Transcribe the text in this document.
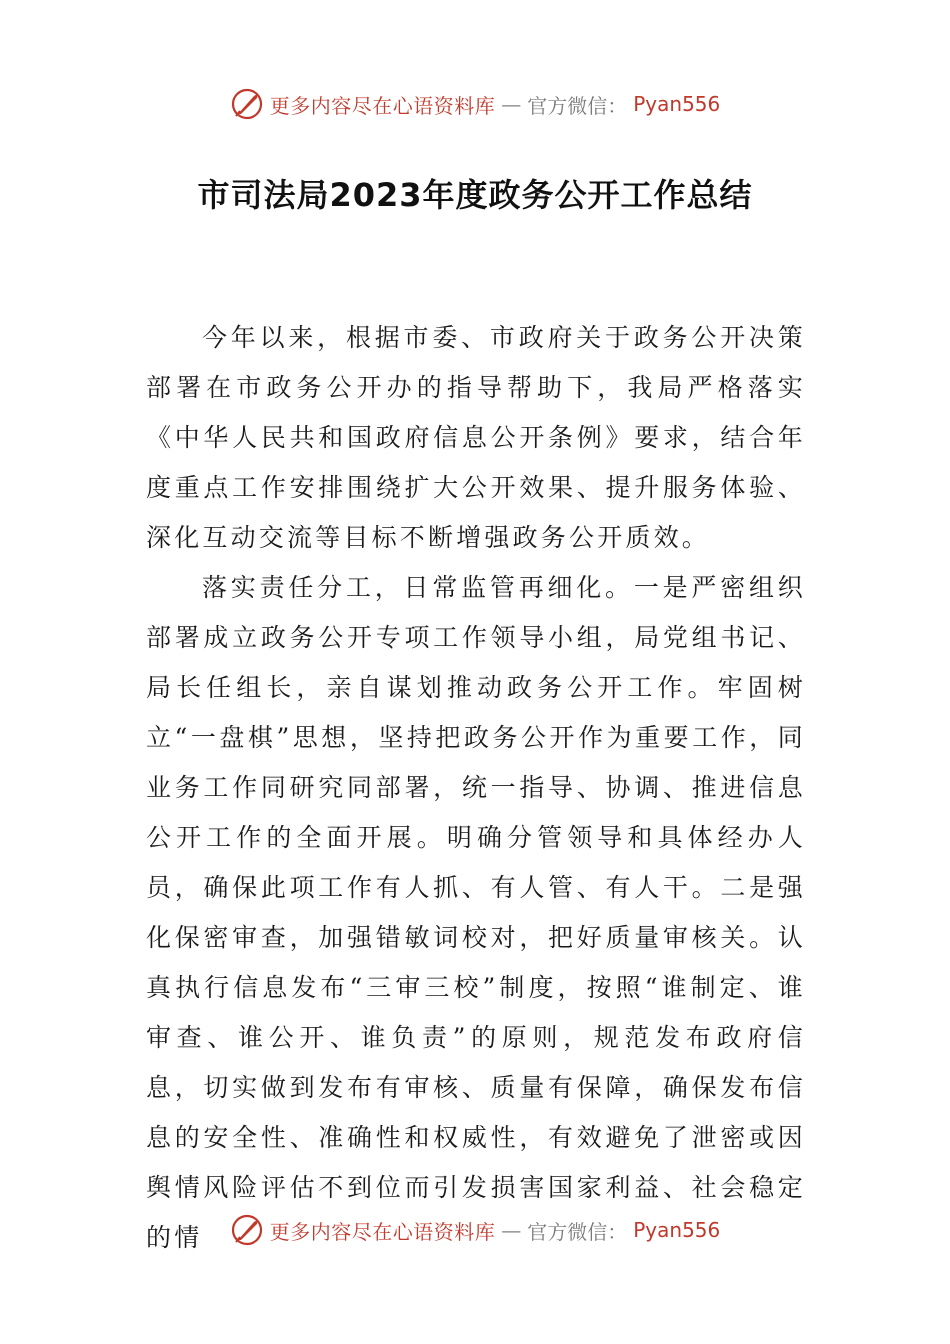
更多内容尽在心语资料库 — 官方微信： Pyan556
市司法局2023年度政务公开工作总结

今年以来，根据市委、市政府关于政务公开决策部署在市政务公开办的指导帮助下，我局严格落实《中华人民共和国政府信息公开条例》要求，结合年度重点工作安排围绕扩大公开效果、提升服务体验、深化互动交流等目标不断增强政务公开质效。

落实责任分工，日常监管再细化。一是严密组织部署成立政务公开专项工作领导小组，局党组书记、局长任组长，亲自谋划推动政务公开工作。牢固树立“一盘棋”思想，坚持把政务公开作为重要工作，同业务工作同研究同部署，统一指导、协调、推进信息公开工作的全面开展。明确分管领导和具体经办人员，确保此项工作有人抓、有人管、有人干。二是强化保密审查，加强错敏词校对，把好质量审核关。认真执行信息发布“三审三校”制度，按照“谁制定、谁审查、谁公开、谁负责”的原则，规范发布政府信息，切实做到发布有审核、质量有保障，确保发布信息的安全性、准确性和权威性，有效避免了泄密或因舆情风险评估不到位而引发损害国家利益、社会稳定的情	更多内容尽在心语资料库 — 官方微信： Pyan556
